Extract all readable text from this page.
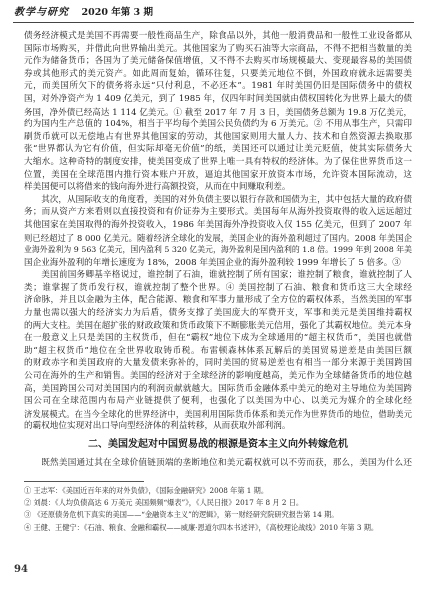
教学与研究 2020 年第 3 期
债务经济模式是美国不再需要一般性商品生产，除食品以外，其他一般消费品和一般性工业设备都从
国际市场购买，并借此向世界输出美元。其他国家为了购买石油等大宗商品，不得不把相当数量的美
元作为储备货币；各国为了美元储备保值增值，又不得不去购买市场规模最大、变现最容易的美国债
券或其他形式的美元资产。如此周而复始，循环往复，只要美元地位不倒，外国政府就永远需要美
元，而美国所欠下的债务将永远“只付利息，不必还本”。1981 年时美国仍旧是国际债务中的债权
国，对外净资产为 1 409 亿美元，到了 1985 年，仅四年时间美国就由债权国转化为世界上最大的债
务国，净外债已经高达 1 114 亿美元。① 截至 2017 年 7 月 3 日，美国债务总额为 19.8 万亿美元，
约为国内生产总值的 104%，相当于平均每个美国公民负债约为 6 万美元。② 不用从事生产，只需印
刷货币就可以无偿地占有世界其他国家的劳动，其他国家则用大量人力、技术和自然资源去换取那
张“世界都认为它有价值，但实际却毫无价值”的纸，美国还可以通过让美元贬值，使其实际债务大
大缩水。这种奇特的制度安排，使美国变成了世界上唯一具有特权的经济体。为了保住世界货币这一
位置，美国在全球范围内推行资本账户开放，逼迫其他国家开放资本市场，允许资本国际流动，这
样美国便可以将借来的钱向海外进行高额投资，从而在中间赚取利差。
其次，从国际收支的角度看，美国的对外负债主要以银行存款和国债为主，其中包括大量的政府债
务；而从资产方来看则以直接投资和有价证券为主要形式。美国每年从海外投资取得的收入远远超过
其他国家在美国取得的海外投资收入，1986 年美国海外净投资收入仅 155 亿美元，但到了 2007 年
则已经超过了 8 000 亿美元。随着经济全球化的发展，美国企业的海外盈利超过了国内。2008 年美国企
业海外盈利为 9 563 亿美元，国内盈利 5 320 亿美元，海外盈利是国内盈利的 1.8 倍。1999 年到 2008 年美
国企业海外盈利的年增长速度为 18%，2008 年美国企业的海外盈利较 1999 年增长了 5 倍多。③
美国前国务卿基辛格说过，谁控制了石油，谁就控制了所有国家；谁控制了粮食，谁就控制了人
类；谁掌握了货币发行权，谁就控制了整个世界。④ 美国控制了石油、粮食和货币这三大全球经
济命脉，并且以金融为主体，配合能源、粮食和军事力量形成了全方位的霸权体系，当然美国的军事
力量也需以强大的经济实力为后盾，债务支撑了美国庞大的军费开支，军事和美元是美国维持霸权
的两大支柱。美国在超扩张的财政政策和货币政策下不断膨胀美元信用，强化了其霸权地位。美元本身
在一般意义上只是美国的主权货币，但在“霸权”地位下成为全球通用的“超主权货币”，美国也就借
助“超主权货币”地位在全世界收取铸币税。布雷顿森林体系瓦解后的美国贸易逆差是由美国巨额
的财政赤字和美国政府的大量发债来弥补的，同时美国的贸易逆差也有相当一部分来源于美国跨国
公司在海外的生产和销售。美国的经济对于全球经济的影响度越高，美元作为全球储备货币的地位越
高，美国跨国公司对美国国内的利润贡献就越大。国际货币金融体系中美元的绝对主导地位为美国跨
国公司在全球范围内布局产业链提供了便利，也强化了以美国为中心、以美元为媒介的全球化经
济发展模式。在当今全球化的世界经济中，美国利用国际货币体系和美元作为世界货币的地位，借助美元
的霸权地位实现对出口导向型经济体的利益转移，从而获取外部利润。
二、美国发起对中国贸易战的根源是资本主义向外转嫁危机
既然美国通过其在全球价值链顶端的垄断地位和美元霸权就可以不劳而获，那么，美国为什么还
① 王志军：《美国近百年来的对外负债》，《国际金融研究》2008 年第 1 期。
② 刘晨：《人均负债高达 6 万美元 美国频频“爆表”》，《人民日报》2017 年 8 月 2 日。
③ 《还原债务危机下真实的美国——“金融资本主义”的逻辑》，第一财经研究院研究报告第 14 期。
④ 王健、王健宁：《石油、粮食、金融和霸权——威廉·恩道尔四本书述评》，《高校理论战线》2010 年第 3 期。
94
